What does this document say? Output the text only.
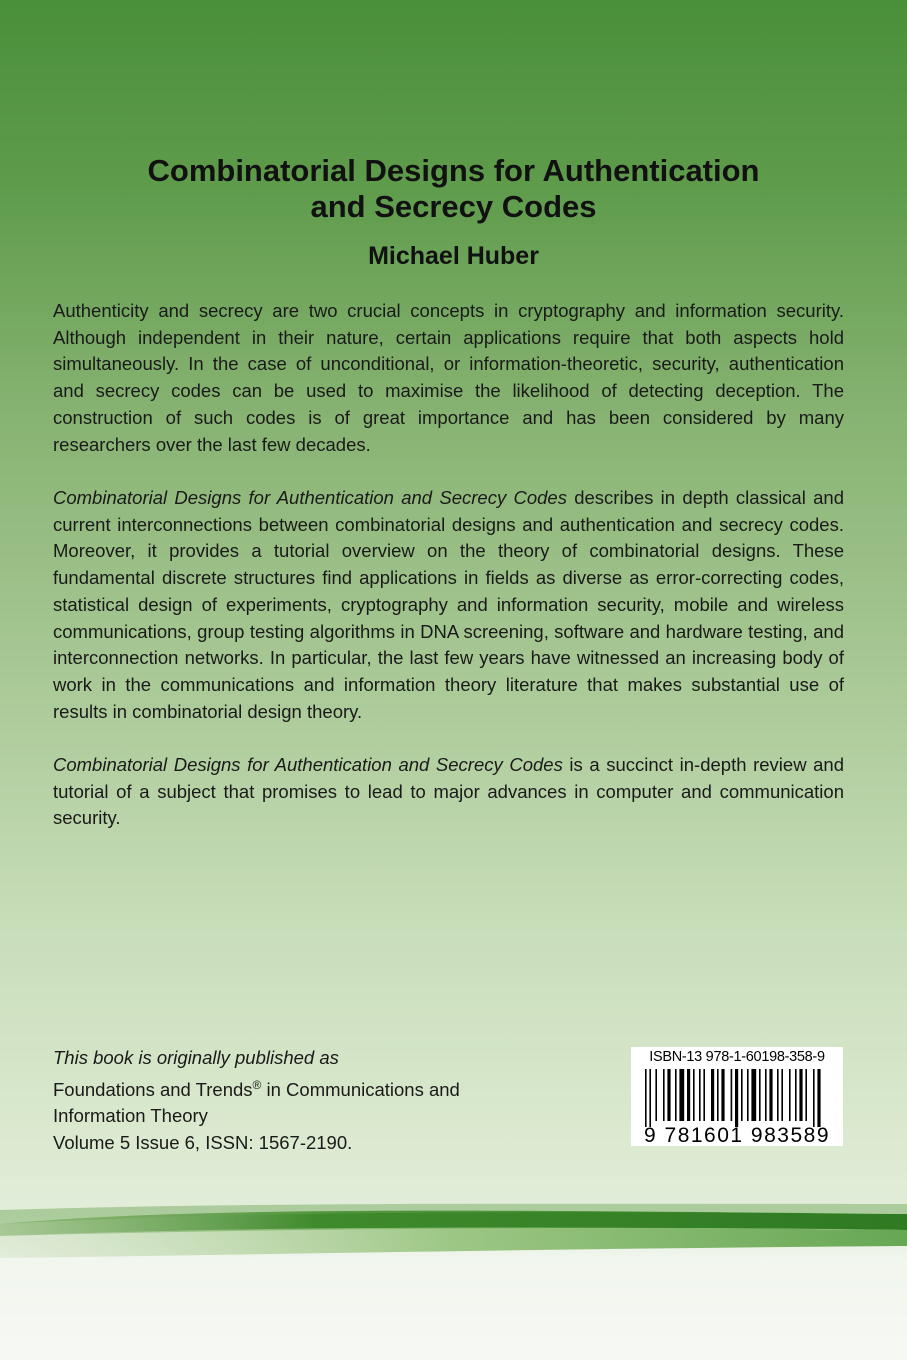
Combinatorial Designs for Authentication
and Secrecy Codes
Michael Huber

Authenticity and secrecy are two crucial concepts in cryptography and information security. Although independent in their nature, certain applications require that both aspects hold simultaneously. In the case of unconditional, or information-theoretic, security, authentication and secrecy codes can be used to maximise the likelihood of detecting deception. The construction of such codes is of great importance and has been considered by many researchers over the last few decades.

Combinatorial Designs for Authentication and Secrecy Codes describes in depth classical and current interconnections between combinatorial designs and authentication and secrecy codes. Moreover, it provides a tutorial overview on the theory of combinatorial designs. These fundamental discrete structures find applications in fields as diverse as error-correcting codes, statistical design of experiments, cryptography and information security, mobile and wireless communications, group testing algorithms in DNA screening, software and hardware testing, and interconnection networks. In particular, the last few years have witnessed an increasing body of work in the communications and information theory literature that makes substantial use of results in combinatorial design theory.

Combinatorial Designs for Authentication and Secrecy Codes is a succinct in-depth review and tutorial of a subject that promises to lead to major advances in computer and communication security.

This book is originally published as
Foundations and Trends® in Communications and
Information Theory
Volume 5 Issue 6, ISSN: 1567-2190.
ISBN-13 978-1-60198-358-9
9 781601 983589
